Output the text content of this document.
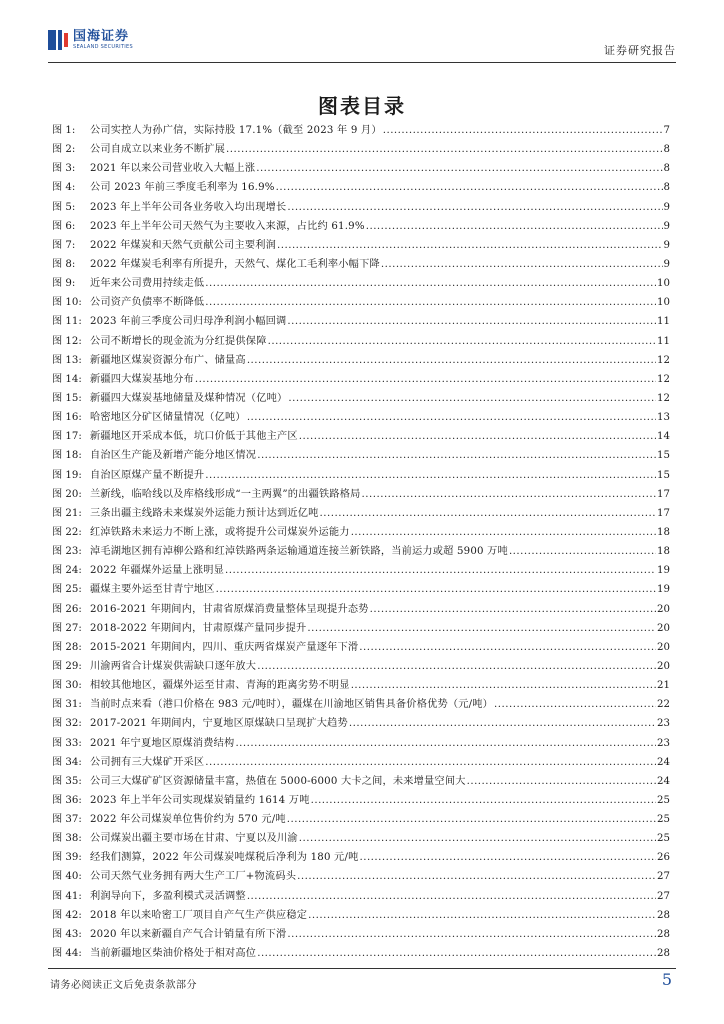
国海证券
SEALAND SECURITIES	证券研究报告
图表目录
图 1:	公司实控人为孙广信，实际持股 17.1%（截至 2023 年 9 月） .....	7
图 2:	公司自成立以来业务不断扩展 .....	8
图 3:	2021 年以来公司营业收入大幅上涨 .....	8
图 4:	公司 2023 年前三季度毛利率为 16.9% .....	8
图 5:	2023 年上半年公司各业务收入均出现增长 .....	9
图 6:	2023 年上半年公司天然气为主要收入来源，占比约 61.9% .....	9
图 7:	2022 年煤炭和天然气贡献公司主要利润 .....	9
图 8:	2022 年煤炭毛利率有所提升，天然气、煤化工毛利率小幅下降 .....	9
图 9:	近年来公司费用持续走低 .....	10
图 10: 公司资产负债率不断降低 .....	10
图 11: 2023 年前三季度公司归母净利润小幅回调 .....	11
图 12: 公司不断增长的现金流为分红提供保障 .....	11
图 13: 新疆地区煤炭资源分布广、储量高 .....	12
图 14: 新疆四大煤炭基地分布 .....	12
图 15: 新疆四大煤炭基地储量及煤种情况（亿吨） .....	12
图 16: 哈密地区分矿区储量情况（亿吨） .....	13
图 17: 新疆地区开采成本低，坑口价低于其他主产区 .....	14
图 18: 自治区生产能及新增产能分地区情况 .....	15
图 19: 自治区原煤产量不断提升 .....	15
图 20: 兰新线，临哈线以及库格线形成“一主两翼”的出疆铁路格局 .....	17
图 21: 三条出疆主线路未来煤炭外运能力预计达到近亿吨 .....	17
图 22: 红淖铁路未来运力不断上涨，或将提升公司煤炭外运能力 .....	18
图 23: 淖毛湖地区拥有淖柳公路和红淖铁路两条运输通道连接兰新铁路，当前运力或超 5900 万吨 .....	18
图 24: 2022 年疆煤外运量上涨明显 .....	19
图 25: 疆煤主要外运至甘青宁地区 .....	19
图 26: 2016-2021 年期间内，甘肃省原煤消费量整体呈现提升态势 .....	20
图 27: 2018-2022 年期间内，甘肃原煤产量同步提升 .....	20
图 28: 2015-2021 年期间内，四川、重庆两省煤炭产量逐年下滑 .....	20
图 29: 川渝两省合计煤炭供需缺口逐年放大 .....	20
图 30: 相较其他地区，疆煤外运至甘肃、青海的距离劣势不明显 .....	21
图 31: 当前时点来看（港口价格在 983 元/吨时），疆煤在川渝地区销售具备价格优势（元/吨） .....	22
图 32: 2017-2021 年期间内，宁夏地区原煤缺口呈现扩大趋势 .....	23
图 33: 2021 年宁夏地区原煤消费结构 .....	23
图 34: 公司拥有三大煤矿开采区 .....	24
图 35: 公司三大煤矿矿区资源储量丰富，热值在 5000-6000 大卡之间，未来增量空间大 .....	24
图 36: 2023 年上半年公司实现煤炭销量约 1614 万吨 .....	25
图 37: 2022 年公司煤炭单位售价约为 570 元/吨 .....	25
图 38: 公司煤炭出疆主要市场在甘肃、宁夏以及川渝 .....	25
图 39: 经我们测算，2022 年公司煤炭吨煤税后净利为 180 元/吨 .....	26
图 40: 公司天然气业务拥有两大生产工厂+物流码头 .....	27
图 41: 利润导向下，多盈利模式灵活调整 .....	27
图 42: 2018 年以来哈密工厂项目自产气生产供应稳定 .....	28
图 43: 2020 年以来新疆自产气合计销量有所下滑 .....	28
图 44: 当前新疆地区柴油价格处于相对高位 .....	28
请务必阅读正文后免责条款部分	5
